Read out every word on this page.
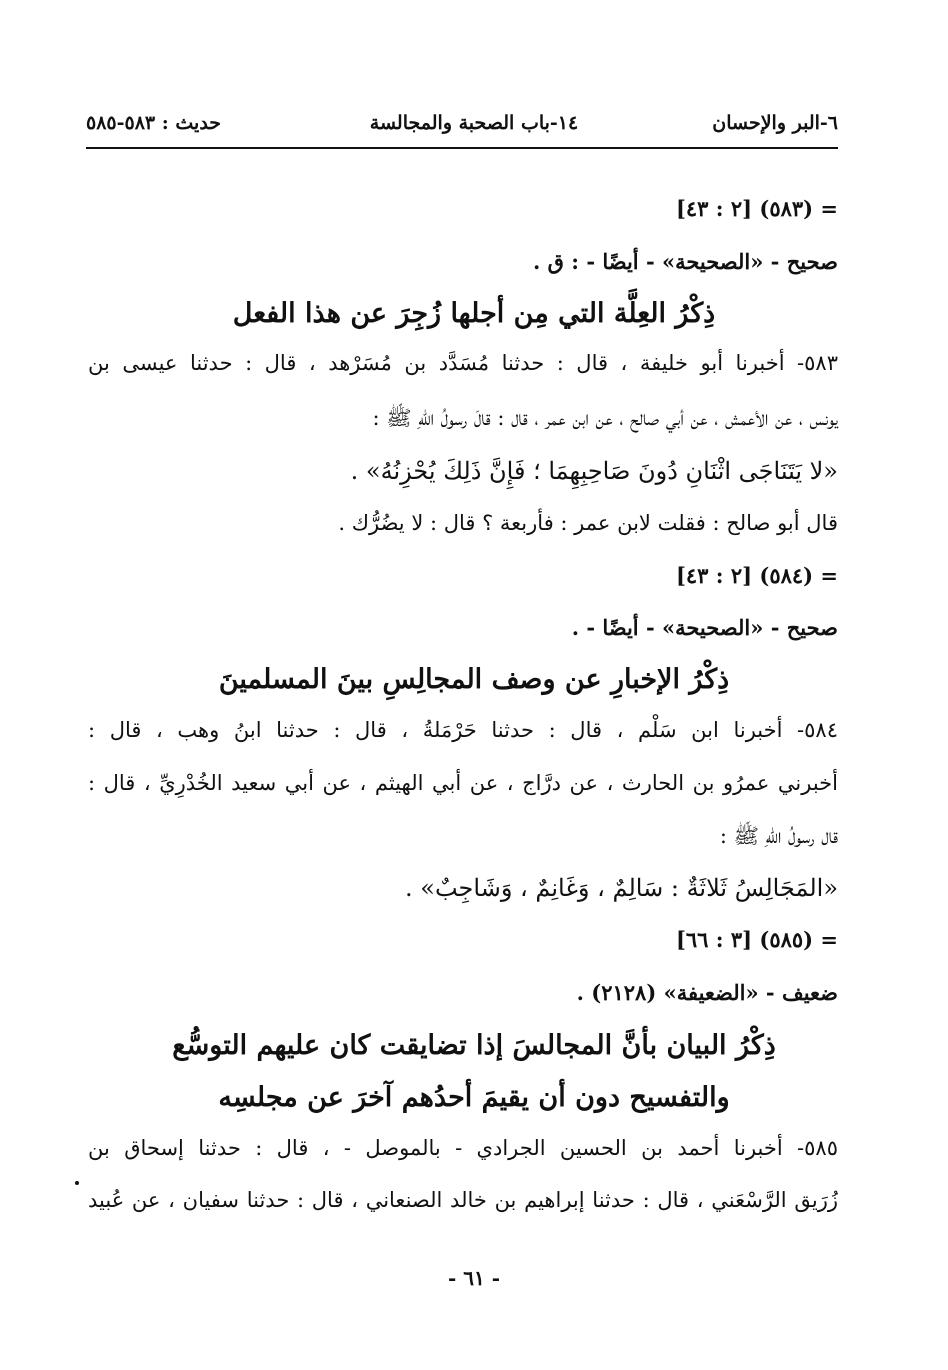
٦-البر والإحسان
١٤-باب الصحبة والمجالسة
حديث : ٥٨٣-٥٨٥
= (٥٨٣) [٢ : ٤٣]
صحيح - «الصحيحة» - أيضًا - : ق .
ذِكْرُ العِلَّة التي مِن أجلها زُجِرَ عن هذا الفعل
٥٨٣- أخبرنا أبو خليفة ، قال : حدثنا مُسَدَّد بن مُسَرْهد ، قال : حدثنا عيسى بن
يونس ، عن الأعمش ، عن أبي صالح ، عن ابن عمر ، قال : قالَ رسولُ اللّهِ ﷺ :
«لا يَتَنَاجَى اثْنَانِ دُونَ صَاحِبِهِمَا ؛ فَإِنَّ ذَلِكَ يُحْزِنُهُ» .
قال أبو صالح : فقلت لابن عمر : فأربعة ؟ قال : لا يضُرُّك .
= (٥٨٤) [٢ : ٤٣]
صحيح - «الصحيحة» - أيضًا - .
ذِكْرُ الإخبارِ عن وصف المجالِسِ بينَ المسلمينَ
٥٨٤- أخبرنا ابن سَلْم ، قال : حدثنا حَرْمَلةُ ، قال : حدثنا ابنُ وهب ، قال :
أخبرني عمرُو بن الحارث ، عن درَّاج ، عن أبي الهيثم ، عن أبي سعيد الخُدْرِيِّ ، قال :
قال رسولُ اللّهِ ﷺ :
«المَجَالِسُ ثَلاثَةٌ : سَالِمٌ ، وَغَانِمٌ ، وَشَاجِبٌ» .
= (٥٨٥) [٣ : ٦٦]
ضعيف - «الضعيفة» (٢١٢٨) .
ذِكْرُ البيان بأنَّ المجالسَ إذا تضايقت كان عليهم التوسُّع
والتفسيح دون أن يقيمَ أحدُهم آخرَ عن مجلسِه
٥٨٥- أخبرنا أحمد بن الحسين الجرادي - بالموصل - ، قال : حدثنا إسحاق بن
زُرَيق الرَّسْعَني ، قال : حدثنا إبراهيم بن خالد الصنعاني ، قال : حدثنا سفيان ، عن عُبيد
- ٦١ -
